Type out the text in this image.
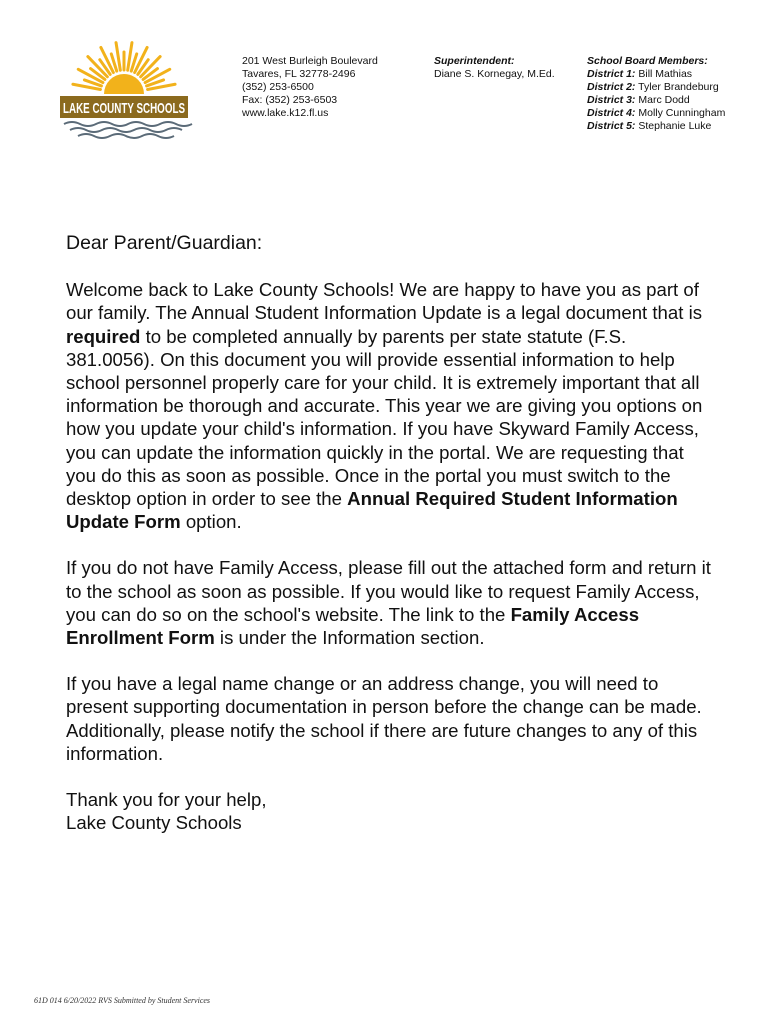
LAKE COUNTY SCHOOLS
201 West Burleigh Boulevard
Tavares, FL 32778-2496
(352) 253-6500
Fax: (352) 253-6503
www.lake.k12.fl.us
Superintendent:
Diane S. Kornegay, M.Ed.
School Board Members:
District 1: Bill Mathias
District 2: Tyler Brandeburg
District 3: Marc Dodd
District 4: Molly Cunningham
District 5: Stephanie Luke

Dear Parent/Guardian:

Welcome back to Lake County Schools! We are happy to have you as part of our family. The Annual Student Information Update is a legal document that is required to be completed annually by parents per state statute (F.S. 381.0056). On this document you will provide essential information to help school personnel properly care for your child. It is extremely important that all information be thorough and accurate. This year we are giving you options on how you update your child's information. If you have Skyward Family Access, you can update the information quickly in the portal. We are requesting that you do this as soon as possible. Once in the portal you must switch to the desktop option in order to see the Annual Required Student Information Update Form option.

If you do not have Family Access, please fill out the attached form and return it to the school as soon as possible. If you would like to request Family Access, you can do so on the school's website. The link to the Family Access Enrollment Form is under the Information section.

If you have a legal name change or an address change, you will need to present supporting documentation in person before the change can be made. Additionally, please notify the school if there are future changes to any of this information.

Thank you for your help,
Lake County Schools

61D 014 6/20/2022 RVS Submitted by Student Services
